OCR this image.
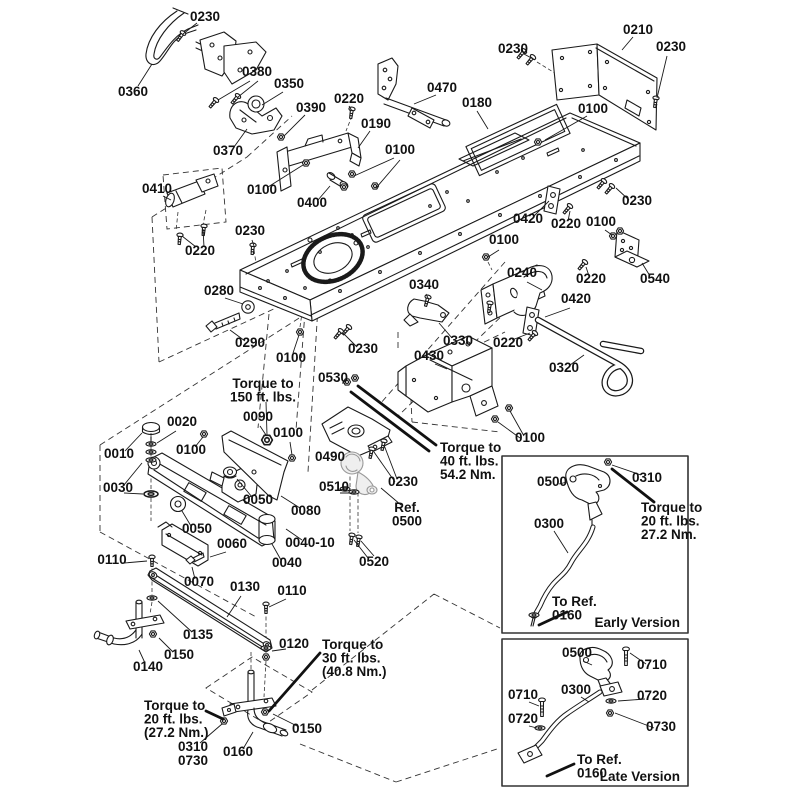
0230
0360
0380
0350
0390
0220
0190
0470
0180
0210
0230	0230
0100
0370
0100
0400
0100
0410
0220
0230
0230
0420 0220 0100
0100
0420
0220
0240	0540
0220
0320
0280
0290
0100
0230
0340
0330
0430
0530
0100
0020
0010
0030
0100
0090
0100
0490
0050
0080
0050
0060	0040-10
0040
0110
0070 0130 0110
0135
0120
0150
0140
0510	0230
0520
0150
0160
0310
0730
0500	0310
0300
0500
0710
0300
0710	0720
0720
0730
Ref. 0500
Torque to 150 ft. lbs.
Torque to 40 ft. lbs. 54.2 Nm.
Torque to 30 ft. lbs. (40.8 Nm.)
Torque to 20 ft. lbs. (27.2 Nm.)
Torque to 20 ft. lbs. 27.2 Nm.
To Ref. 0160
To Ref. 0160
Early Version
Late Version
